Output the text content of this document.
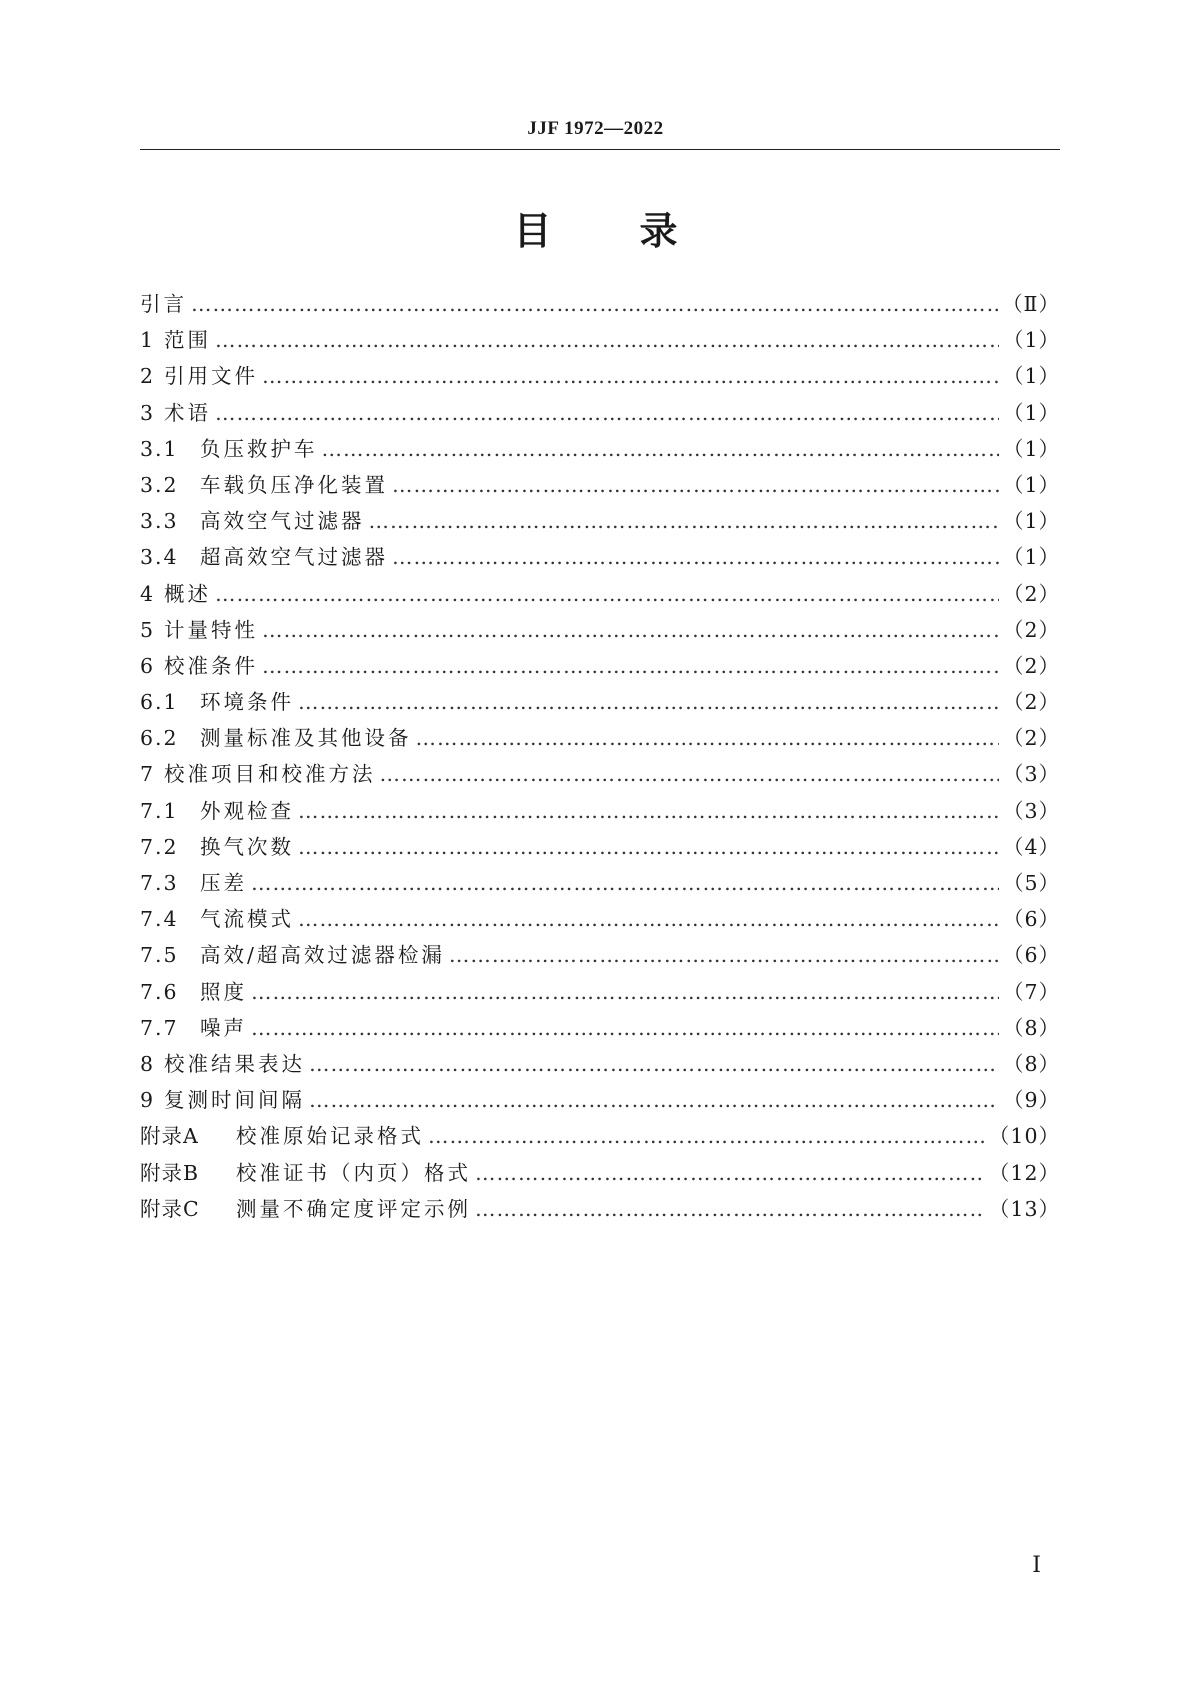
JJF 1972—2022
目 录
引言 …………………………………………………………………………………………………………………………………………………………………………………………………………………………………………	（Ⅱ）
1 范围 …………………………………………………………………………………………………………………………………………………………………………………………………………………………………………	（1）
2 引用文件 …………………………………………………………………………………………………………………………………………………………………………………………………………………………………………	（1）
3 术语 …………………………………………………………………………………………………………………………………………………………………………………………………………………………………………	（1）
3.1	负压救护车 …………………………………………………………………………………………………………………………………………………………………………………………………………………………………………	（1）
3.2	车载负压净化装置 …………………………………………………………………………………………………………………………………………………………………………………………………………………………………………	（1）
3.3	高效空气过滤器 …………………………………………………………………………………………………………………………………………………………………………………………………………………………………………	（1）
3.4	超高效空气过滤器 …………………………………………………………………………………………………………………………………………………………………………………………………………………………………………	（1）
4 概述 …………………………………………………………………………………………………………………………………………………………………………………………………………………………………………	（2）
5 计量特性 …………………………………………………………………………………………………………………………………………………………………………………………………………………………………………	（2）
6 校准条件 …………………………………………………………………………………………………………………………………………………………………………………………………………………………………………	（2）
6.1	环境条件 …………………………………………………………………………………………………………………………………………………………………………………………………………………………………………	（2）
6.2	测量标准及其他设备 …………………………………………………………………………………………………………………………………………………………………………………………………………………………………………	（2）
7 校准项目和校准方法 …………………………………………………………………………………………………………………………………………………………………………………………………………………………………………	（3）
7.1	外观检查 …………………………………………………………………………………………………………………………………………………………………………………………………………………………………………	（3）
7.2	换气次数 …………………………………………………………………………………………………………………………………………………………………………………………………………………………………………	（4）
7.3	压差 …………………………………………………………………………………………………………………………………………………………………………………………………………………………………………	（5）
7.4	气流模式 …………………………………………………………………………………………………………………………………………………………………………………………………………………………………………	（6）
7.5	高效/超高效过滤器检漏 …………………………………………………………………………………………………………………………………………………………………………………………………………………………………………	（6）
7.6	照度 …………………………………………………………………………………………………………………………………………………………………………………………………………………………………………	（7）
7.7	噪声 …………………………………………………………………………………………………………………………………………………………………………………………………………………………………………	（8）
8 校准结果表达 …………………………………………………………………………………………………………………………………………………………………………………………………………………………………………	（8）
9 复测时间间隔 …………………………………………………………………………………………………………………………………………………………………………………………………………………………………………	（9）
附录A	校准原始记录格式 …………………………………………………………………………………………………………………………………………………………………………………………………………………………………………	（10）
附录B	校准证书（内页）格式 …………………………………………………………………………………………………………………………………………………………………………………………………………………………………………	（12）
附录C	测量不确定度评定示例 …………………………………………………………………………………………………………………………………………………………………………………………………………………………………………	（13）
Ⅰ
